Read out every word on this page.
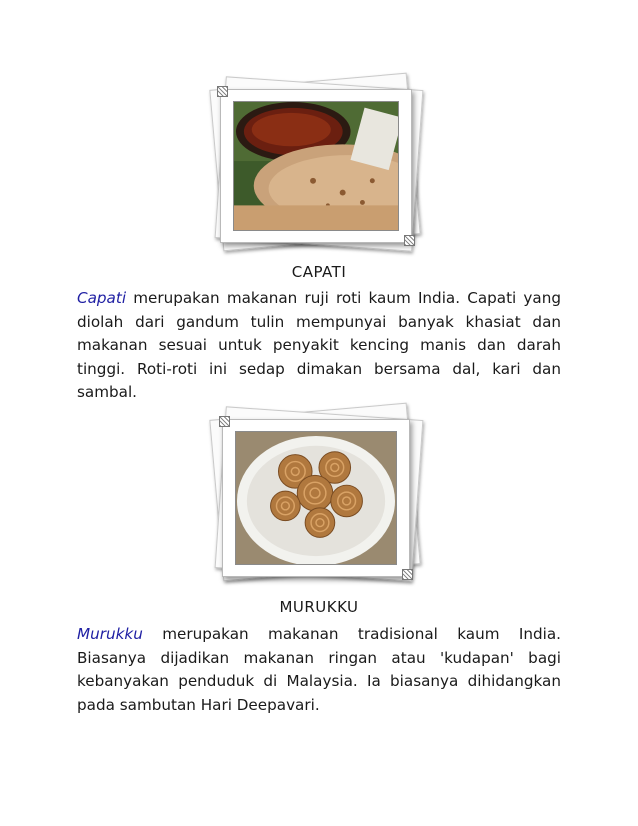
CAPATI

Capati merupakan makanan ruji roti kaum India. Capati yang diolah dari gandum tulin mempunyai banyak khasiat dan makanan sesuai untuk penyakit kencing manis dan darah tinggi. Roti-roti ini sedap dimakan bersama dal, kari dan sambal.

MURUKKU

Murukku merupakan makanan tradisional kaum India. Biasanya dijadikan makanan ringan atau 'kudapan' bagi kebanyakan penduduk di Malaysia. Ia biasanya dihidangkan pada sambutan Hari Deepavari.
